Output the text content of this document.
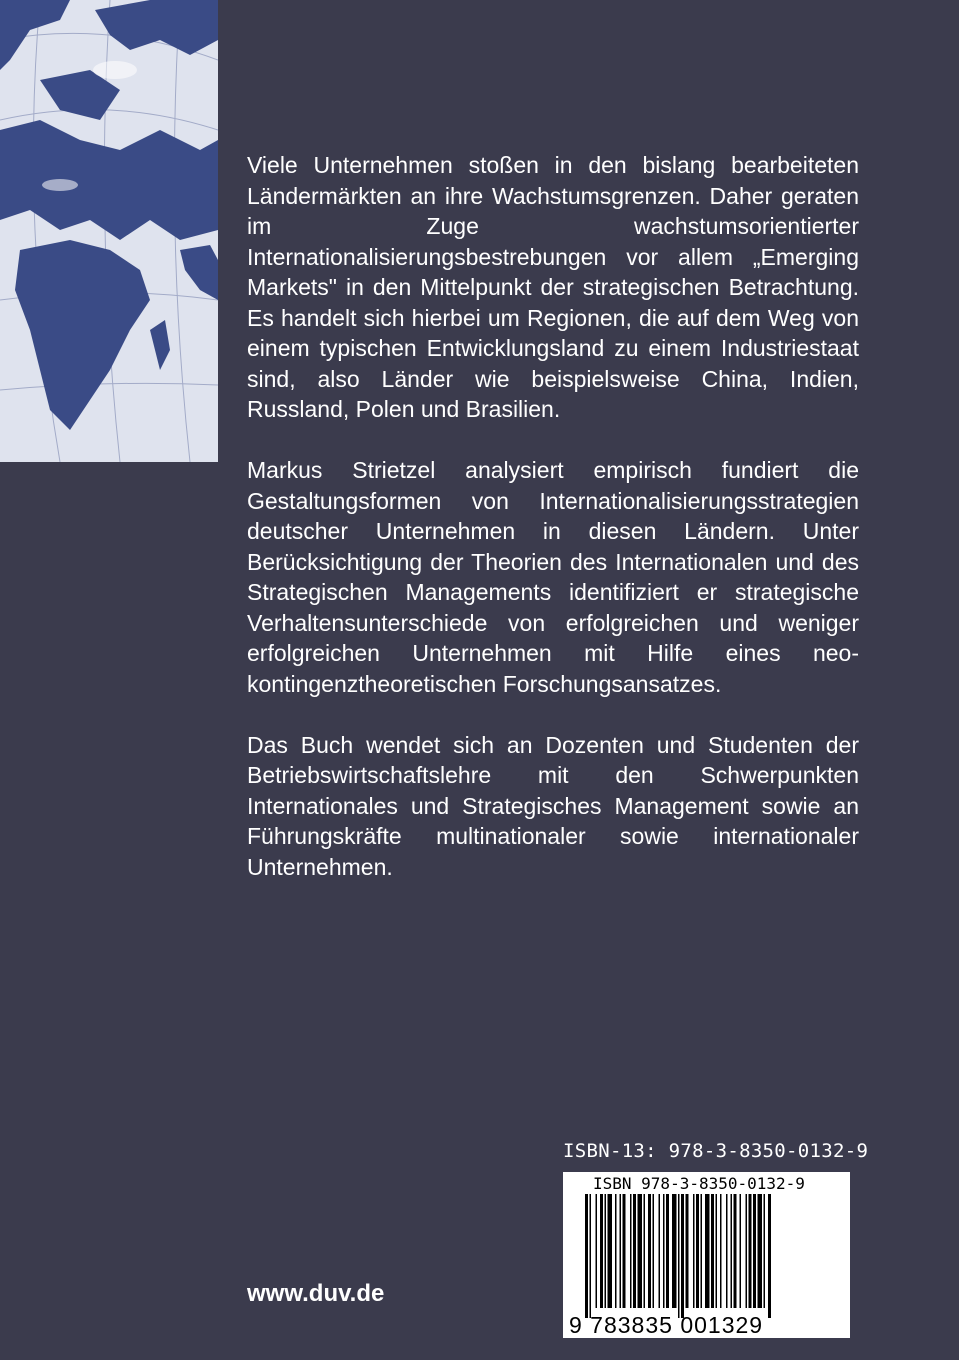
Viele Unternehmen stoßen in den bislang bearbeiteten Ländermärkten an ihre Wachstumsgrenzen. Daher geraten im Zuge wachstumsorientierter Internationalisierungsbestrebungen vor allem „Emerging Markets" in den Mittelpunkt der strategischen Betrachtung. Es handelt sich hierbei um Regionen, die auf dem Weg von einem typischen Entwicklungsland zu einem Industriestaat sind, also Länder wie beispielsweise China, Indien, Russland, Polen und Brasilien.

Markus Strietzel analysiert empirisch fundiert die Gestaltungsformen von Internationalisierungsstrategien deutscher Unternehmen in diesen Ländern. Unter Berücksichtigung der Theorien des Internationalen und des Strategischen Managements identifiziert er strategische Verhaltensunterschiede von erfolgreichen und weniger erfolgreichen Unternehmen mit Hilfe eines neo-kontingenztheoretischen Forschungsansatzes.

Das Buch wendet sich an Dozenten und Studenten der Betriebswirtschaftslehre mit den Schwerpunkten Internationales und Strategisches Management sowie an Führungskräfte multinationaler sowie internationaler Unternehmen.

ISBN-13: 978-3-8350-0132-9
ISBN 978-3-8350-0132-9
9 783835 001329
www.duv.de
